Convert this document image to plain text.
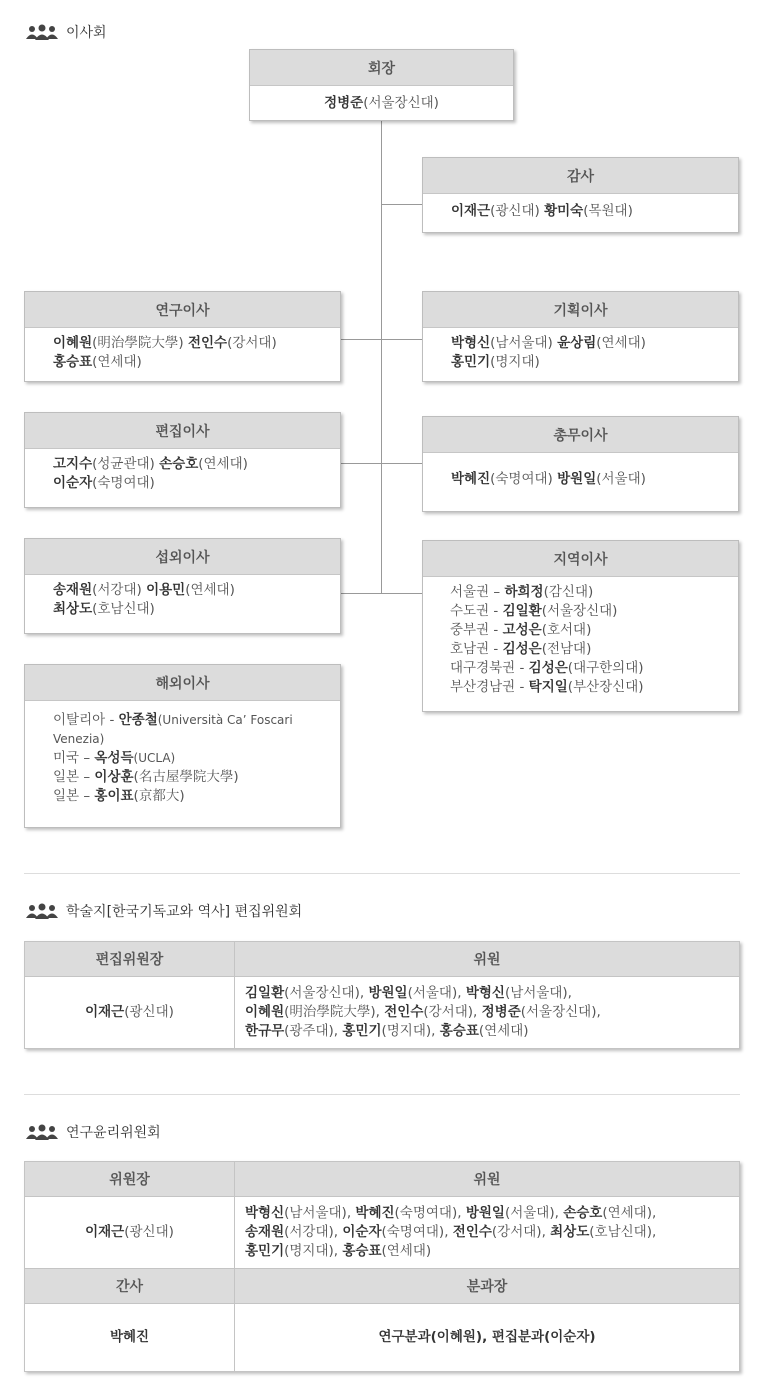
이사회
회장
정병준(서울장신대)
감사
이재근(광신대) 황미숙(목원대)
연구이사
이혜원(明治學院大學) 전인수(강서대)
홍승표(연세대)
기획이사
박형신(남서울대) 윤상림(연세대)
홍민기(명지대)
편집이사
고지수(성균관대) 손승호(연세대)
이순자(숙명여대)
총무이사
박혜진(숙명여대) 방원일(서울대)
섭외이사
송재원(서강대) 이용민(연세대)
최상도(호남신대)
지역이사
서울권 – 하희정(감신대)
수도권 - 김일환(서울장신대)
중부권 - 고성은(호서대)
호남권 - 김성은(전남대)
대구경북권 - 김성은(대구한의대)
부산경남권 - 탁지일(부산장신대)
해외이사
이탈리아 - 안종철(Università Ca’ Foscari Venezia)
미국 – 옥성득(UCLA)
일본 – 이상훈(名古屋學院大學)
일본 – 홍이표(京都大)
학술지[한국기독교와 역사] 편집위원회
편집위원장	위원
이재근(광신대)	김일환(서울장신대), 방원일(서울대), 박형신(남서울대),
이혜원(明治學院大學), 전인수(강서대), 정병준(서울장신대),
한규무(광주대), 홍민기(명지대), 홍승표(연세대)
연구윤리위원회
위원장	위원
이재근(광신대)	박형신(남서울대), 박혜진(숙명여대), 방원일(서울대), 손승호(연세대),
송재원(서강대), 이순자(숙명여대), 전인수(강서대), 최상도(호남신대),
홍민기(명지대), 홍승표(연세대)
간사	분과장
박혜진	연구분과(이혜원), 편집분과(이순자)
